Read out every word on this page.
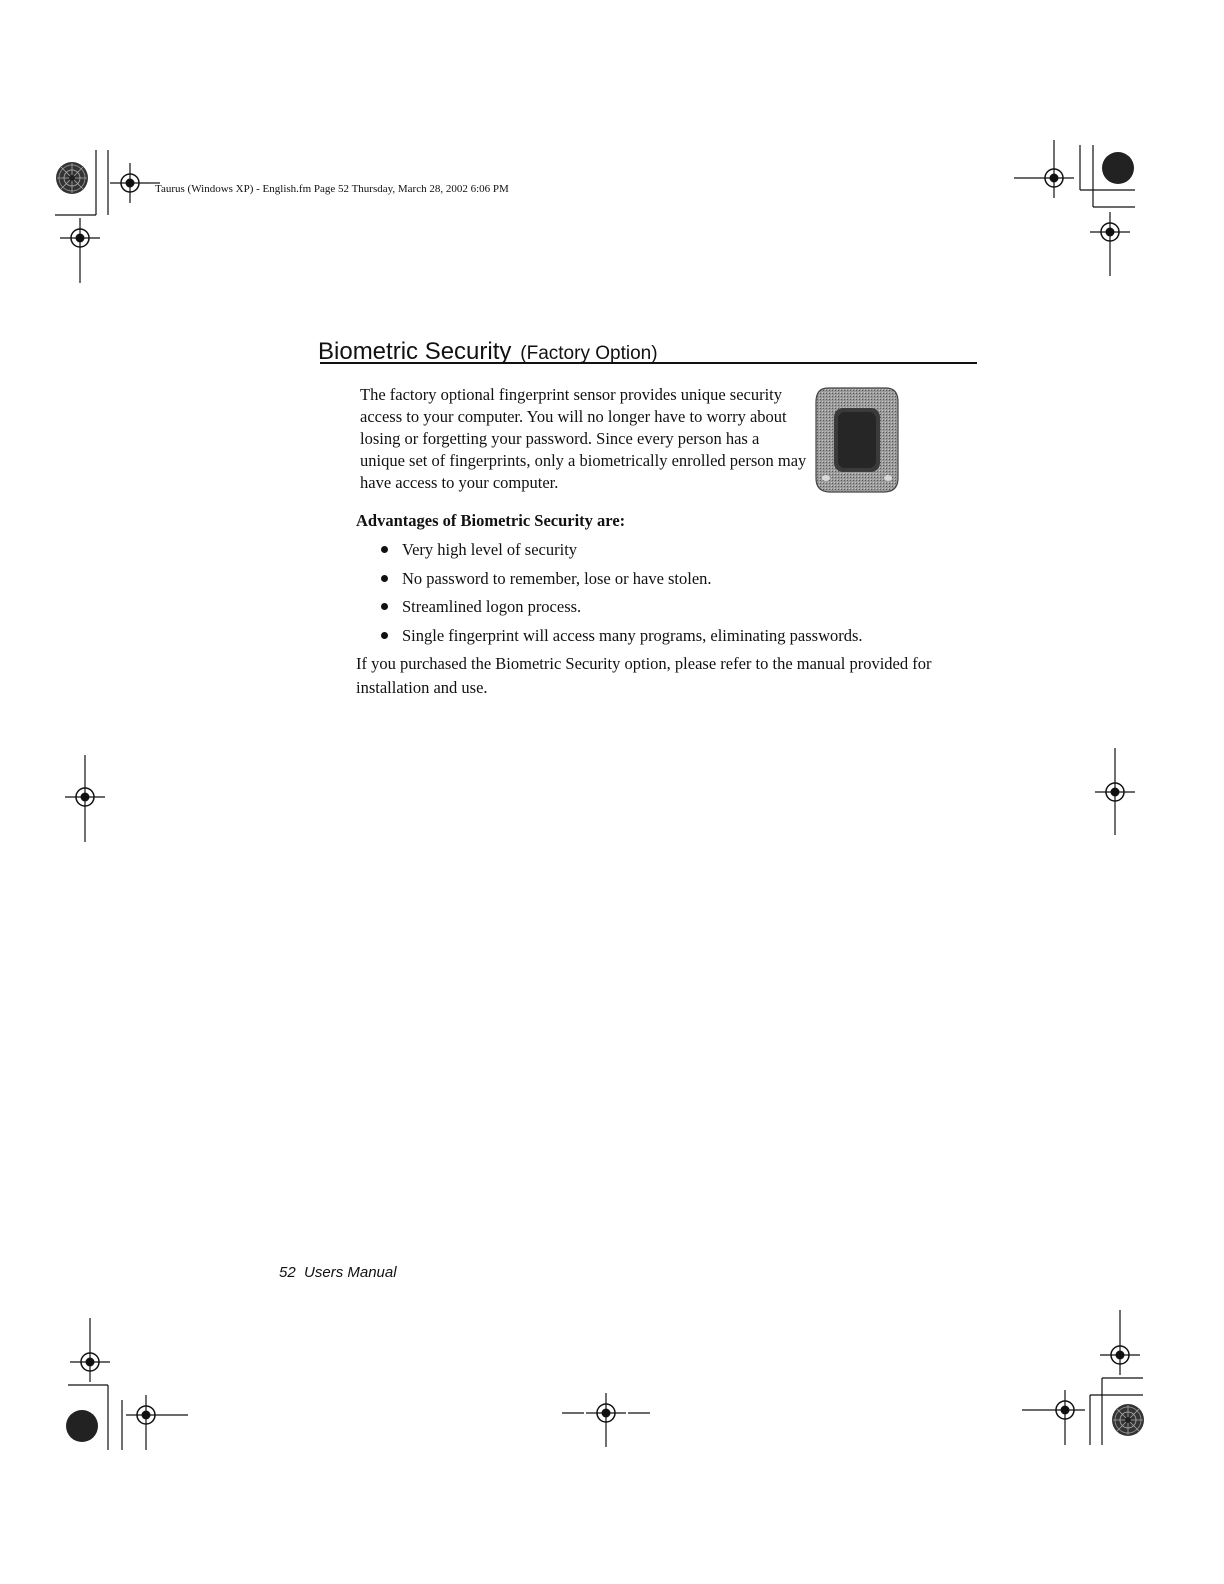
Taurus (Windows XP) - English.fm Page 52 Thursday, March 28, 2002 6:06 PM
Biometric Security (Factory Option)

The factory optional fingerprint sensor provides unique security access to your computer. You will no longer have to worry about losing or forgetting your password. Since every person has a unique set of fingerprints, only a biometrically enrolled person may have access to your computer.

Advantages of Biometric Security are:

Very high level of security
No password to remember, lose or have stolen.
Streamlined logon process.
Single fingerprint will access many programs, eliminating passwords.

If you purchased the Biometric Security option, please refer to the manual provided for installation and use.

52 Users Manual
